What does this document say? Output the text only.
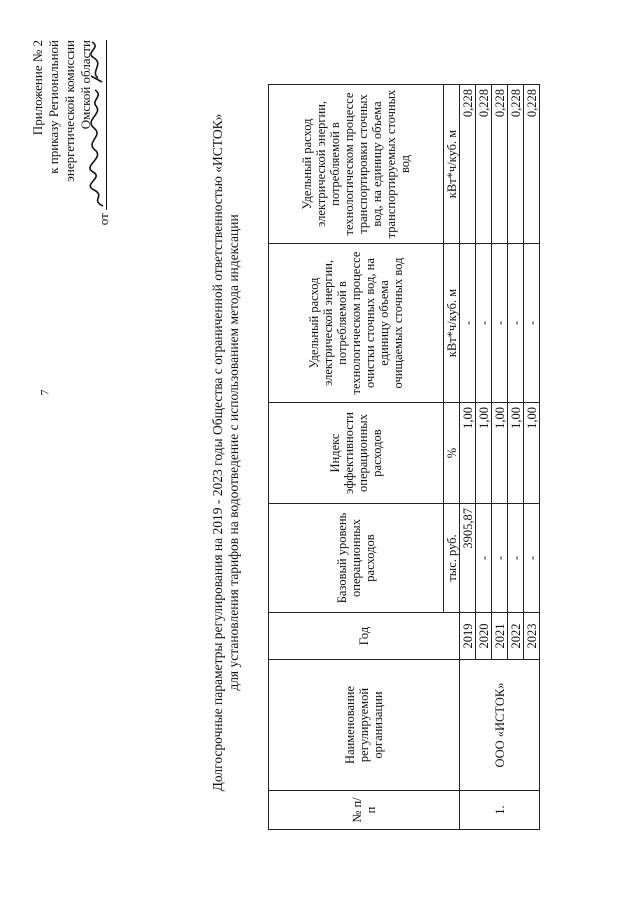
7
Приложение № 2 к приказу Региональной энергетической комиссии Омской области
от	Долгосрочные параметры регулирования на 2019 - 2023 годы Общества с ограниченной ответственностью «ИСТОК» для установления тарифов на водоотведение с использованием метода индексации
№ п/п	Наименование регулируемой организации	Год	Базовый уровень операционных расходов	Индекс эффективности операционных расходов	Удельный расход электрической энергии, потребляемой в технологическом процессе очистки сточных вод, на единицу объема очищаемых сточных вод	Удельный расход электрической энергии, потребляемой в технологическом процессе транспортировки сточных вод, на единицу объема транспортируемых сточных вод
			тыс. руб.	%	кВт*ч/куб. м	кВт*ч/куб. м
1.	ООО «ИСТОК»	2019	3905,87	1,00	-	0,228
		2020	-	1,00	-	0,228
		2021	-	1,00	-	0,228
		2022	-	1,00	-	0,228
		2023	-	1,00	-	0,228
